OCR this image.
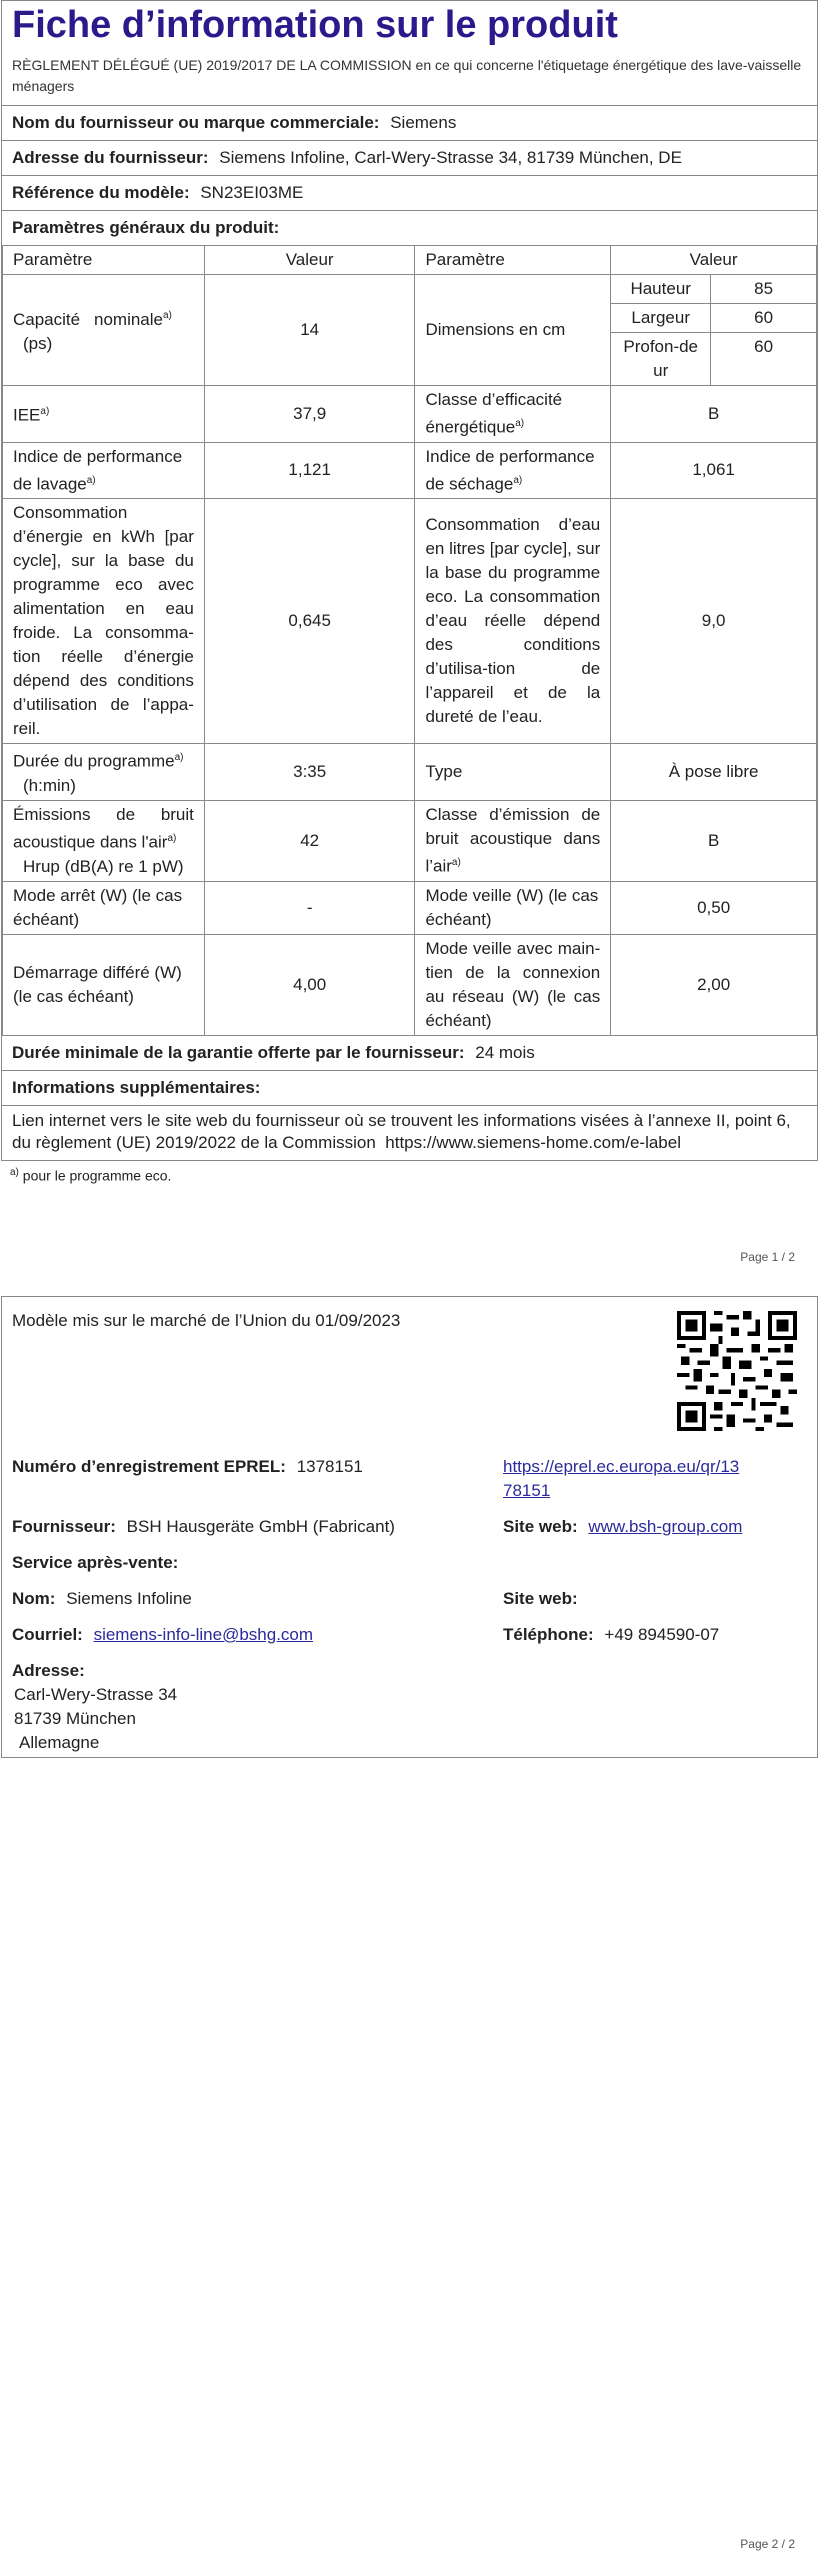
Fiche d’information sur le produit
RÈGLEMENT DÉLÉGUÉ (UE) 2019/2017 DE LA COMMISSION en ce qui concerne l'étiquetage énergétique des lave-vaisselle ménagers
Nom du fournisseur ou marque commerciale: Siemens
Adresse du fournisseur: Siemens Infoline, Carl-Wery-Strasse 34, 81739 München, DE
Référence du modèle: SN23EI03ME
Paramètres généraux du produit:
Paramètre	Valeur	Paramètre	Valeur	
Capacité nominale$^{a)}$
(ps)	14	Dimensions en cm	Hauteur	85
			Largeur	60
			Profon-deur	60
IEE$^{a)}$	37,9	Classe d’efficacité énergétique$^{a)}$	B	
Indice de performance de lavage$^{a)}$	1,121	Indice de performance de séchage$^{a)}$	1,061	
Consommation d’énergie en kWh [par cycle], sur la base du programme eco avec alimentation en eau froide. La consomma-tion réelle d’énergie dépend des conditions d’utilisation de l’appa-reil.	0,645	Consommation d’eau en litres [par cycle], sur la base du programme eco. La consommation d’eau réelle dépend des conditions d’utilisa-tion de l’appareil et de la dureté de l’eau.	9,0	
Durée du programme$^{a)}$
(h:min)	3:35	Type	À pose libre	
Émissions de bruit acoustique dans l'air$^{a)}$
Hrup (dB(A) re 1 pW)	42	Classe d’émission de bruit acoustique dans l’air$^{a)}$	B	
Mode arrêt (W) (le cas échéant)	-	Mode veille (W) (le cas échéant)	0,50	
Démarrage différé (W) (le cas échéant)	4,00	Mode veille avec main-tien de la connexion au réseau (W) (le cas échéant)	2,00	
Durée minimale de la garantie offerte par le fournisseur: 24 mois
Informations supplémentaires:
Lien internet vers le site web du fournisseur où se trouvent les informations visées à l’annexe II, point 6, du règlement (UE) 2019/2022 de la Commission https://www.siemens-home.com/e-label
$^{a)}$ pour le programme eco.
Page 1 / 2
Modèle mis sur le marché de l’Union du 01/09/2023
Numéro d’enregistrement EPREL: 1378151	https://eprel.ec.europa.eu/qr/13
78151
Fournisseur: BSH Hausgeräte GmbH (Fabricant)	Site web: www.bsh-group.com
Service après-vente:
Nom: Siemens Infoline	Site web:
Courriel: siemens-info-line@bshg.com	Téléphone: +49 894590-07
Adresse:
Carl-Wery-Strasse 34
81739 München
Allemagne
Page 2 / 2
